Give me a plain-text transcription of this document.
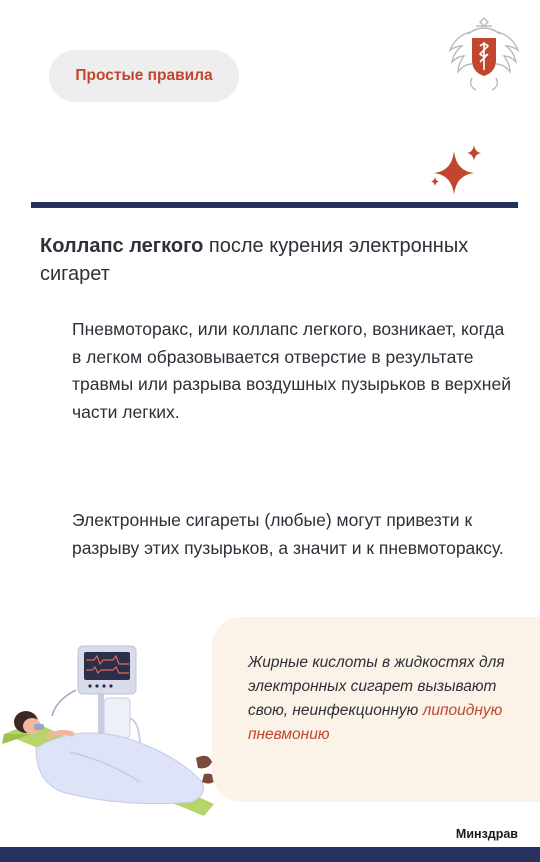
Простые правила
Коллапс легкого после курения электронных сигарет
Пневмоторакс, или коллапс легкого, возникает, когда в легком образовывается отверстие в результате травмы или разрыва воздушных пузырьков в верхней части легких.
Электронные сигареты (любые) могут привезти к разрыву этих пузырьков, а значит и к пневмотораксу.
Жирные кислоты в жидкостях для электронных сигарет вызывают свою, неинфекционную липоидную пневмонию
Минздрав
